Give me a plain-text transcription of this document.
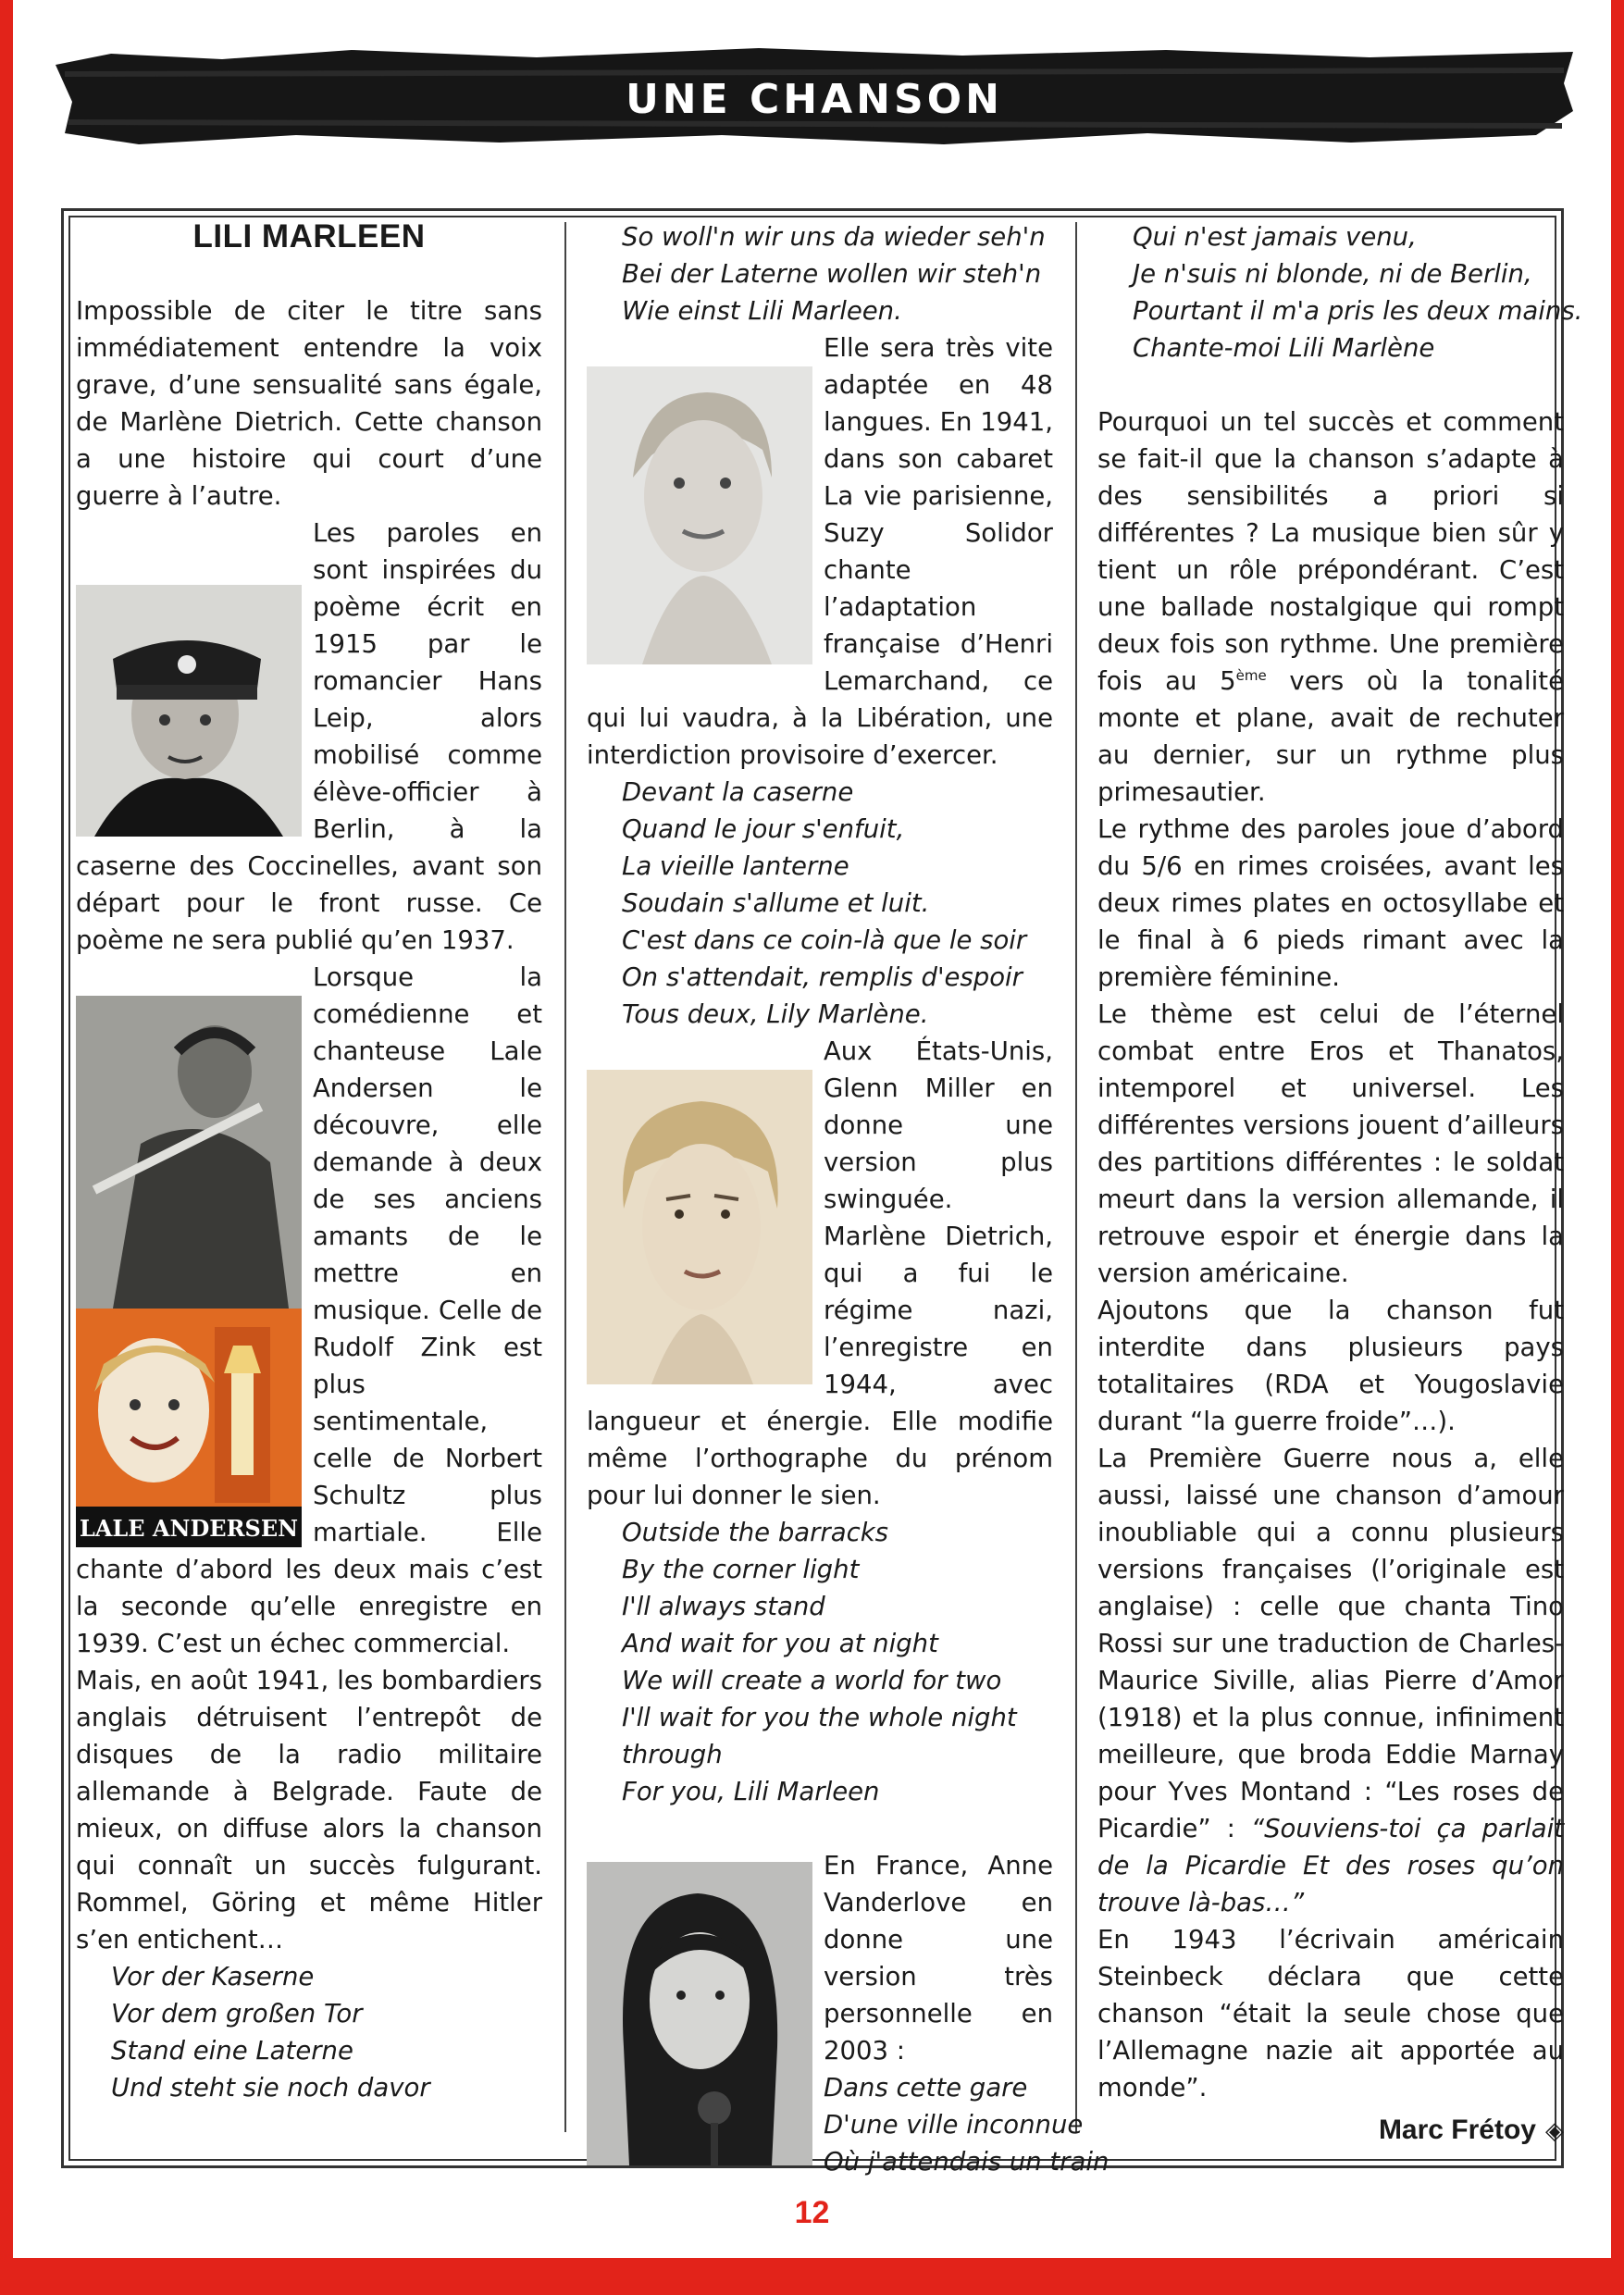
UNE CHANSON
LILI MARLEEN

Impossible de citer le titre sans immédiatement entendre la voix grave, d’une sensualité sans égale, de Marlène Dietrich. Cette chanson a une histoire qui court d’une guerre à l’autre.

Les paroles en sont inspirées du poème écrit en 1915 par le romancier Hans Leip, alors mobilisé comme élève-officier à Berlin, à la caserne des Coccinelles, avant son départ pour le front russe. Ce poème ne sera publié qu’en 1937.

LALE ANDERSEN

Lorsque la comédienne et chanteuse Lale Andersen le découvre, elle demande à deux de ses anciens amants de le mettre en musique. Celle de Rudolf Zink est plus sentimentale, celle de Norbert Schultz plus martiale. Elle chante d’abord les deux mais c’est la seconde qu’elle enregistre en 1939. C’est un échec commercial.

Mais, en août 1941, les bombardiers anglais détruisent l’entrepôt de disques de la radio militaire allemande à Belgrade. Faute de mieux, on diffuse alors la chanson qui connaît un succès fulgurant. Rommel, Göring et même Hitler s’en entichent…

Vor der Kaserne
Vor dem großen Tor
Stand eine Laterne
Und steht sie noch davor
So woll'n wir uns da wieder seh'n
Bei der Laterne wollen wir steh'n
Wie einst Lili Marleen.

Elle sera très vite adaptée en 48 langues. En 1941, dans son cabaret La vie parisienne, Suzy Solidor chante l’adaptation française d’Henri Lemarchand, ce qui lui vaudra, à la Libération, une interdiction provisoire d’exercer.

Devant la caserne
Quand le jour s'enfuit,
La vieille lanterne
Soudain s'allume et luit.
C'est dans ce coin-là que le soir
On s'attendait, remplis d'espoir
Tous deux, Lily Marlène.

Aux États-Unis, Glenn Miller en donne une version plus swinguée.

Marlène Dietrich, qui a fui le régime nazi, l’enregistre en 1944, avec langueur et énergie. Elle modifie même l’orthographe du prénom pour lui donner le sien.

Outside the barracks
By the corner light
I'll always stand
And wait for you at night
We will create a world for two
I'll wait for you the whole night through
For you, Lili Marleen

En France, Anne Vanderlove en donne une version très personnelle en 2003 :

Dans cette gare
D'une ville inconnue
Où j'attendais un train
Qui n'est jamais venu,
Je n'suis ni blonde, ni de Berlin,
Pourtant il m'a pris les deux mains.
Chante-moi Lili Marlène

Pourquoi un tel succès et comment se fait-il que la chanson s’adapte à des sensibilités a priori si différentes ? La musique bien sûr y tient un rôle prépondérant. C’est une ballade nostalgique qui rompt deux fois son rythme. Une première fois au 5ème vers où la tonalité monte et plane, avait de rechuter au dernier, sur un rythme plus primesautier.

Le rythme des paroles joue d’abord du 5/6 en rimes croisées, avant les deux rimes plates en octosyllabe et le final à 6 pieds rimant avec la première féminine.

Le thème est celui de l’éternel combat entre Eros et Thanatos, intemporel et universel. Les différentes versions jouent d’ailleurs des partitions différentes : le soldat meurt dans la version allemande, il retrouve espoir et énergie dans la version américaine.

Ajoutons que la chanson fut interdite dans plusieurs pays totalitaires (RDA et Yougoslavie durant “la guerre froide”…).

La Première Guerre nous a, elle aussi, laissé une chanson d’amour inoubliable qui a connu plusieurs versions françaises (l’originale est anglaise) : celle que chanta Tino Rossi sur une traduction de Charles-Maurice Siville, alias Pierre d’Amor (1918) et la plus connue, infiniment meilleure, que broda Eddie Marnay pour Yves Montand : “Les roses de Picardie” : “Souviens-toi ça parlait de la Picardie Et des roses qu’on trouve là-bas…”

En 1943 l’écrivain américain Steinbeck déclara que cette chanson “était la seule chose que l’Allemagne nazie ait apportée au monde”.

Marc Frétoy ◈
12
